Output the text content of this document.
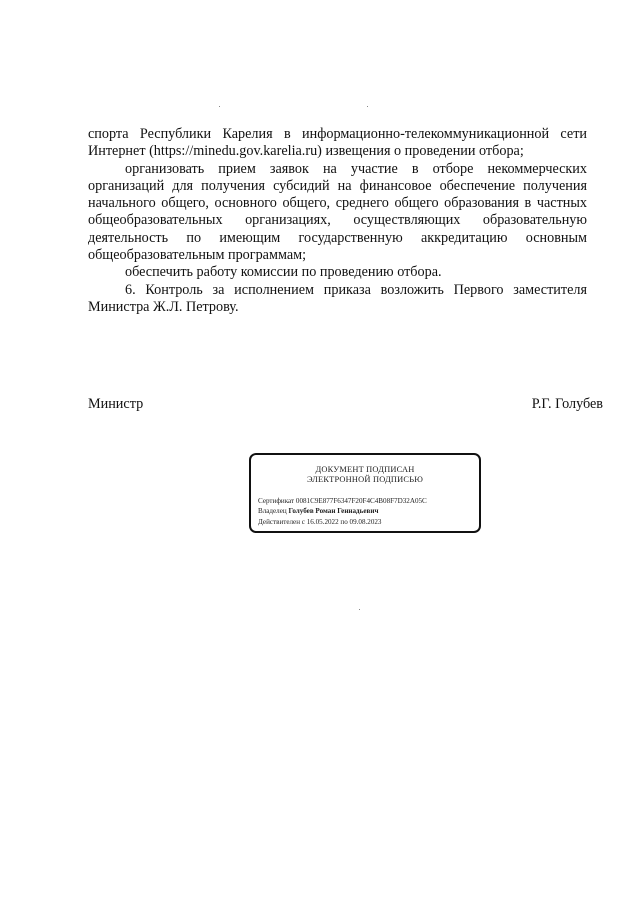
спорта Республики Карелия в информационно-телекоммуникационной сети Интернет (https://minedu.gov.karelia.ru) извещения о проведении отбора;

организовать прием заявок на участие в отборе некоммерческих организаций для получения субсидий на финансовое обеспечение получения начального общего, основного общего, среднего общего образования в частных общеобразовательных организациях, осуществляющих образовательную деятельность по имеющим государственную аккредитацию основным общеобразовательным программам;

обеспечить работу комиссии по проведению отбора.

6. Контроль за исполнением приказа возложить Первого заместителя Министра Ж.Л. Петрову.

Министр	Р.Г. Голубев
ДОКУМЕНТ ПОДПИСАН
ЭЛЕКТРОННОЙ ПОДПИСЬЮ
Сертификат 0081C9E877F6347F20F4C4B08F7D32A05C
Владелец Голубев Роман Геннадьевич
Действителен с 16.05.2022 по 09.08.2023
